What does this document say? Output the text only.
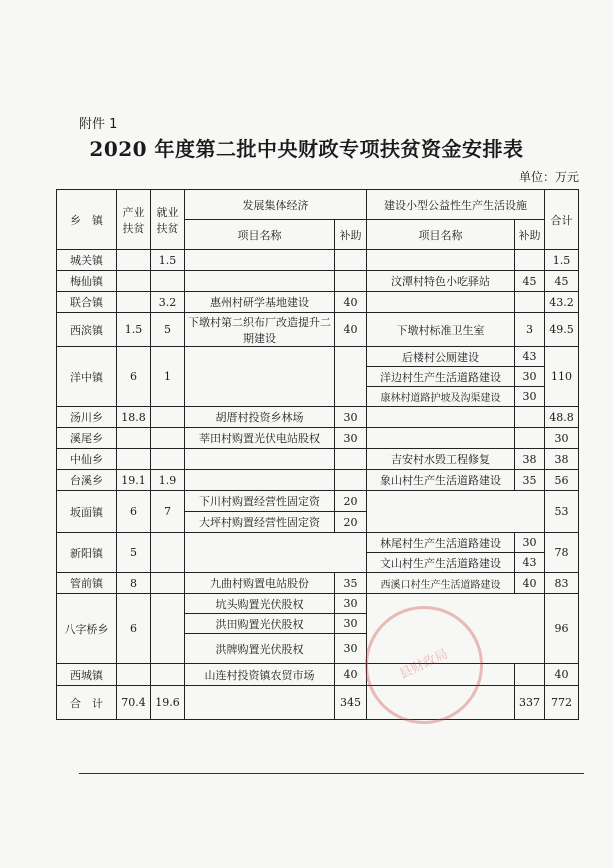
附件 1
2020 年度第二批中央财政专项扶贫资金安排表
单位：万元
乡　镇	产业扶贫	就业扶贫	发展集体经济		建设小型公益性生产生活设施		合计
			项目名称	补助	项目名称	补助	
城关镇		1.5					1.5
梅仙镇					汶潭村特色小吃驿站	45	45
联合镇		3.2	惠州村研学基地建设	40			43.2
西滨镇	1.5	5	下墩村第二织布厂改造提升二期建设	40	下墩村标准卫生室	3	49.5
洋中镇	6	1			后楼村公厕建设	43	110
					洋边村生产生活道路建设	30	
					康林村道路护坡及沟渠建设	30	
汤川乡	18.8		胡厝村投资乡林场	30			48.8
溪尾乡			莘田村购置光伏电站股权	30			30
中仙乡					吉安村水毁工程修复	38	38
台溪乡	19.1	1.9			象山村生产生活道路建设	35	56
坂面镇	6	7	下川村购置经营性固定资	20			53
			大坪村购置经营性固定资	20			
新阳镇	5				林尾村生产生活道路建设	30	78
					文山村生产生活道路建设	43	
管前镇	8		九曲村购置电站股份	35	西溪口村生产生活道路建设	40	83
八字桥乡	6		坑头购置光伏股权	30			96
			洪田购置光伏股权	30			
			洪牌购置光伏股权	30			
西城镇			山连村投资镇农贸市场	40			40
合　计	70.4	19.6		345		337	772
县财政局
